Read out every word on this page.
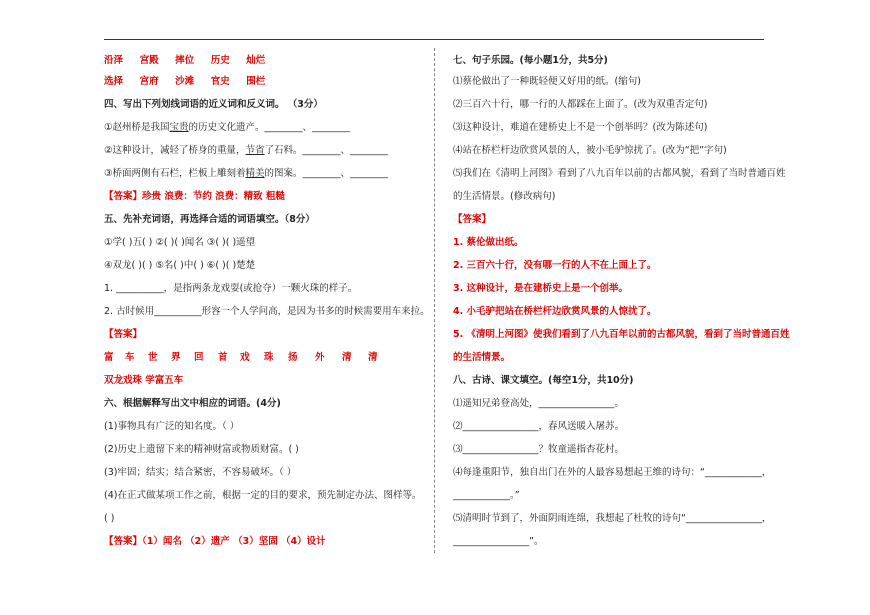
沿泽 宫殿 摔位 历史 灿烂
选择 宫府 沙滩 官史 围栏
四、写出下列划线词语的近义词和反义词。 （3分）
①赵州桥是我国宝贵的历史文化遗产。________、________
②这种设计，减轻了桥身的重量，节省了石料。________、________
③桥面两侧有石栏，栏板上雕刻着精美的图案。________、________
【答案】珍贵 浪费：节约 浪费：精致 粗糙
五、先补充词语，再选择合适的词语填空。（8分）
①学( )五( ) ②( )( )闻名 ③( )( )遥望
④双龙( )( ) ⑤名( )中( ) ⑥( )( )楚楚
1. __________，是指两条龙戏耍(或抢夺）一颗火珠的样子。
2. 古时候用__________形容一个人学问高，是因为书多的时候需要用车来拉。
【答案】
富 车 世 界 回 首 戏 珠 扬 外 清 清
双龙戏珠 学富五车
六、根据解释写出文中相应的词语。(4分)
(1)事物具有广泛的知名度。（ ）
(2)历史上遗留下来的精神财富或物质财富。( )
(3)牢固；结实；结合紧密，不容易破坏。（ ）
(4)在正式做某项工作之前，根据一定的目的要求，预先制定办法、图样等。
( )
【答案】（1）闻名 （2）遗产 （3）坚固 （4）设计
七、句子乐园。(每小题1分，共5分)
⑴蔡伦做出了一种既轻便又好用的纸。(缩句)
⑵三百六十行，哪一行的人都踩在上面了。(改为双重否定句)
⑶这种设计，难道在建桥史上不是一个创举吗？(改为陈述句)
⑷站在桥栏杆边欣赏风景的人，被小毛驴惊扰了。(改为“把”字句)
⑸我们在《清明上河图》看到了八九百年以前的古都风貌，看到了当时普通百姓
的生活情景。(修改病句)
【答案】
1. 蔡伦做出纸。
2. 三百六十行，没有哪一行的人不在上面上了。
3. 这种设计，是在建桥史上是一个创举。
4. 小毛驴把站在桥栏杆边欣赏风景的人惊扰了。
5. 《清明上河图》使我们看到了八九百年以前的古都风貌，看到了当时普通百姓
的生活情景。
八、古诗、课文填空。(每空1分，共10分)
⑴遥知兄弟登高处，________________。
⑵________________，春风送暖入屠苏。
⑶________________？牧童遥指杏花村。
⑷每逢重阳节，独自出门在外的人最容易想起王维的诗句：“____________，
____________。”
⑸清明时节到了，外面阴雨连绵，我想起了杜牧的诗句“________________，
________________”。
